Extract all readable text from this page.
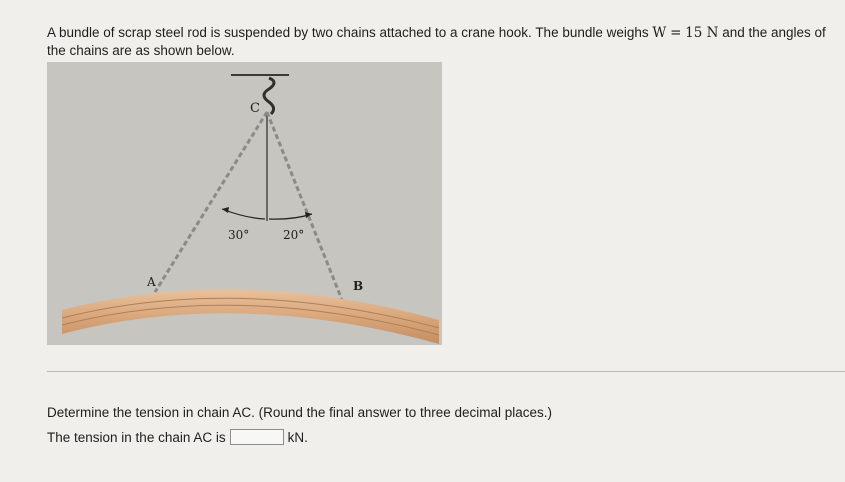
A bundle of scrap steel rod is suspended by two chains attached to a crane hook. The bundle weighs W = 15 N and the angles of the chains are as shown below.
C
A	B
30°	20°
Determine the tension in chain AC. (Round the final answer to three decimal places.)
The tension in the chain AC is	kN.
